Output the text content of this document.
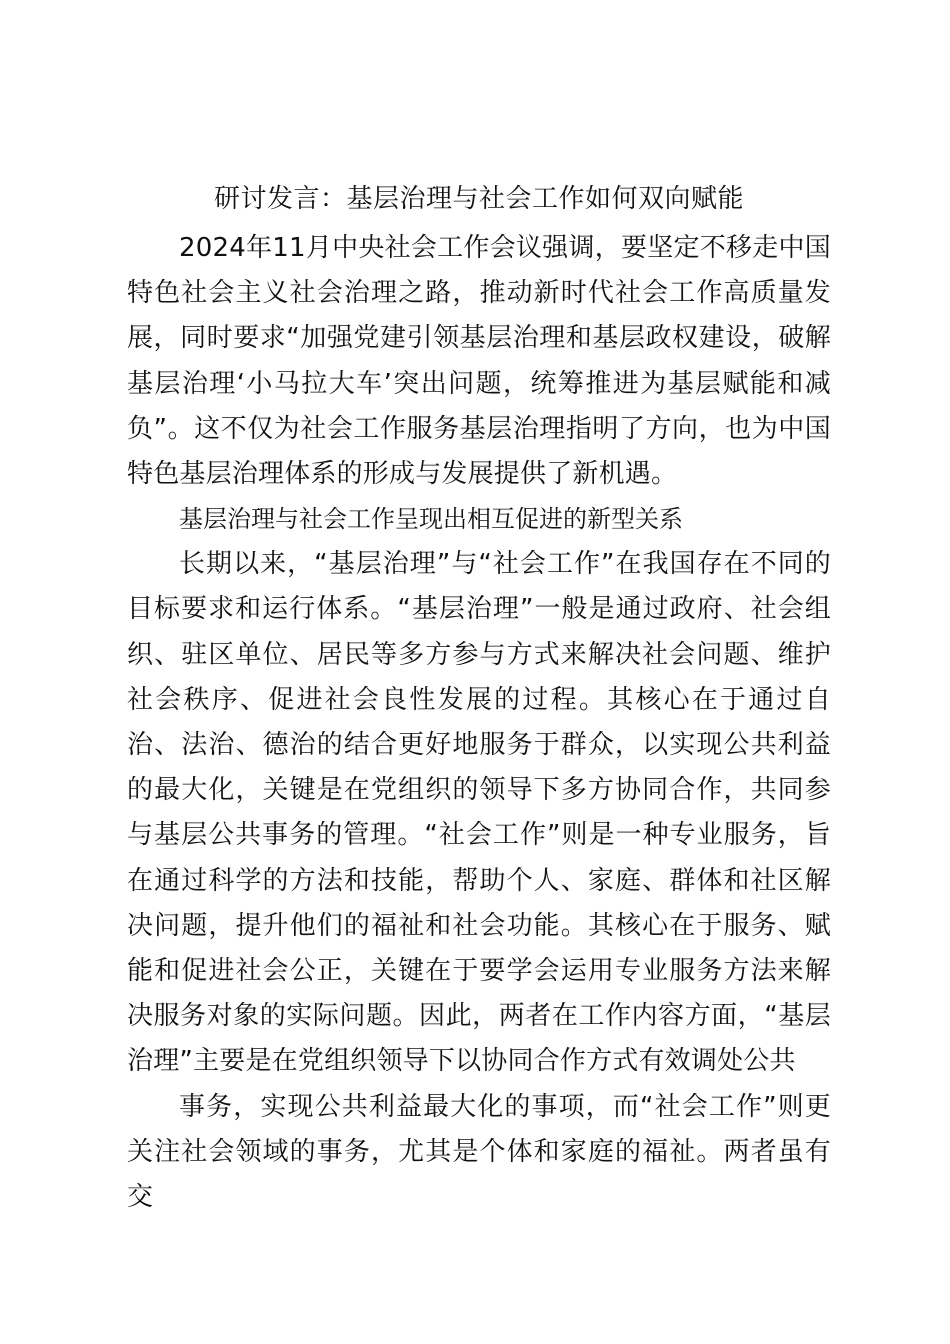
研讨发言：基层治理与社会工作如何双向赋能

2024年11月中央社会工作会议强调，要坚定不移走中国特色社会主义社会治理之路，推动新时代社会工作高质量发展，同时要求“加强党建引领基层治理和基层政权建设，破解基层治理‘小马拉大车’突出问题，统筹推进为基层赋能和减负”。这不仅为社会工作服务基层治理指明了方向，也为中国特色基层治理体系的形成与发展提供了新机遇。

基层治理与社会工作呈现出相互促进的新型关系

长期以来，“基层治理”与“社会工作”在我国存在不同的目标要求和运行体系。“基层治理”一般是通过政府、社会组织、驻区单位、居民等多方参与方式来解决社会问题、维护社会秩序、促进社会良性发展的过程。其核心在于通过自治、法治、德治的结合更好地服务于群众，以实现公共利益的最大化，关键是在党组织的领导下多方协同合作，共同参与基层公共事务的管理。“社会工作”则是一种专业服务，旨在通过科学的方法和技能，帮助个人、家庭、群体和社区解决问题，提升他们的福祉和社会功能。其核心在于服务、赋能和促进社会公正，关键在于要学会运用专业服务方法来解决服务对象的实际问题。因此，两者在工作内容方面，“基层治理”主要是在党组织领导下以协同合作方式有效调处公共

事务，实现公共利益最大化的事项，而“社会工作”则更关注社会领域的事务，尤其是个体和家庭的福祉。两者虽有交
